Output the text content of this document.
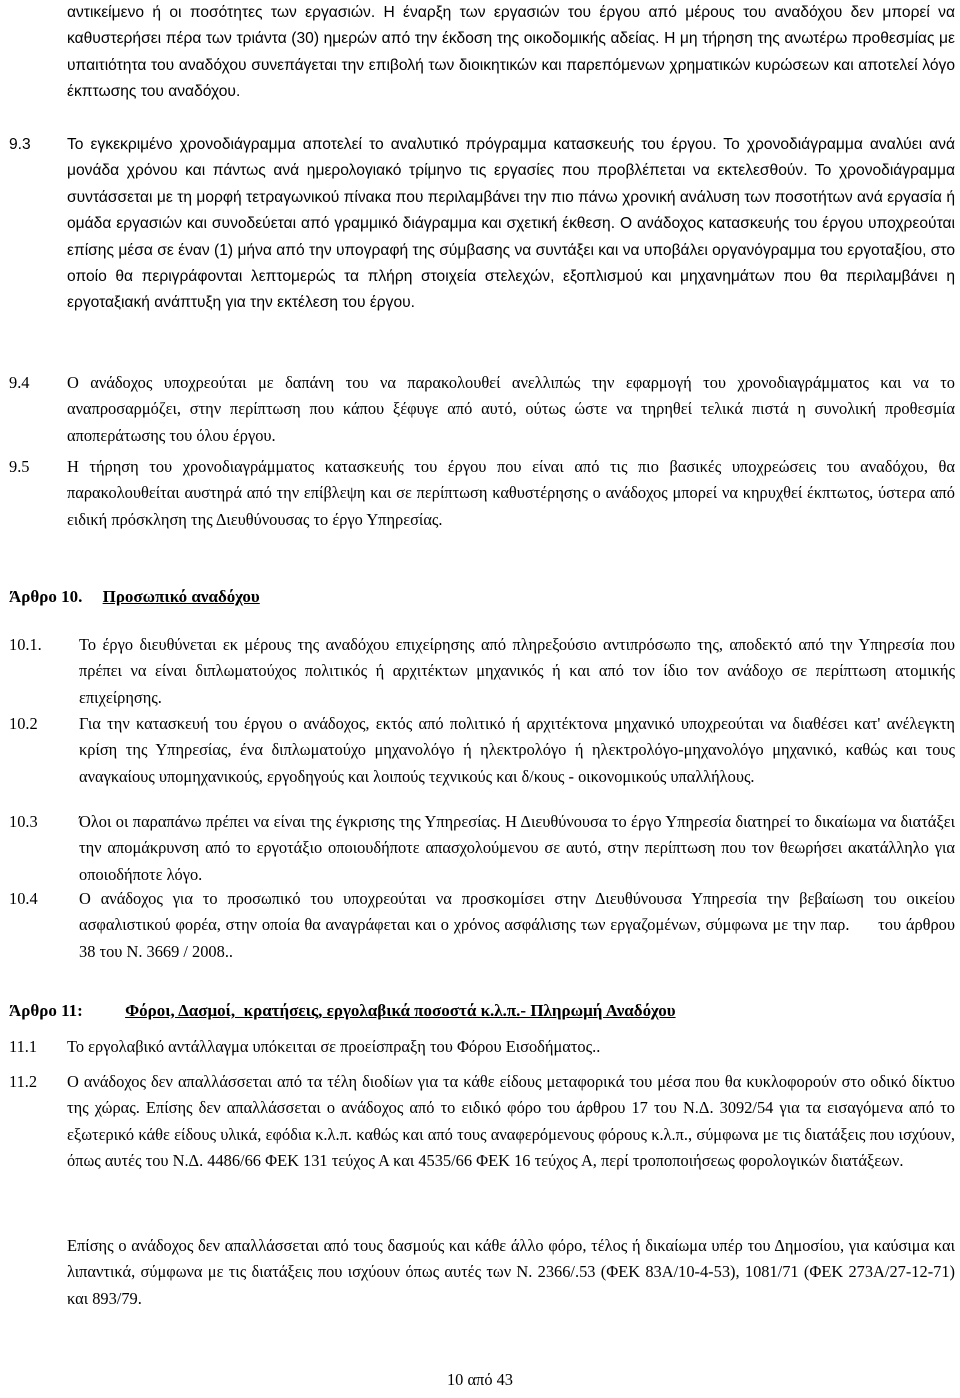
αντικείμενο ή οι ποσότητες των εργασιών. Η έναρξη των εργασιών του έργου από μέρους του αναδόχου δεν μπορεί να καθυστερήσει πέρα των τριάντα (30) ημερών από την έκδοση της οικοδομικής αδείας. Η μη τήρηση της ανωτέρω προθεσμίας με υπαιτιότητα του αναδόχου συνεπάγεται την επιβολή των διοικητικών και παρεπόμενων χρηματικών κυρώσεων και αποτελεί λόγο έκπτωσης του αναδόχου.
9.3	Το εγκεκριμένο χρονοδιάγραμμα αποτελεί το αναλυτικό πρόγραμμα κατασκευής του έργου. Το χρονοδιάγραμμα αναλύει ανά μονάδα χρόνου και πάντως ανά ημερολογιακό τρίμηνο τις εργασίες που προβλέπεται να εκτελεσθούν. Το χρονοδιάγραμμα συντάσσεται με τη μορφή τετραγωνικού πίνακα που περιλαμβάνει την πιο πάνω χρονική ανάλυση των ποσοτήτων ανά εργασία ή ομάδα εργασιών και συνοδεύεται από γραμμικό διάγραμμα και σχετική έκθεση. Ο ανάδοχος κατασκευής του έργου υποχρεούται επίσης μέσα σε έναν (1) μήνα από την υπογραφή της σύμβασης να συντάξει και να υποβάλει οργανόγραμμα του εργοταξίου, στο οποίο θα περιγράφονται λεπτομερώς τα πλήρη στοιχεία στελεχών, εξοπλισμού και μηχανημάτων που θα περιλαμβάνει η εργοταξιακή ανάπτυξη για την εκτέλεση του έργου.
9.4	Ο ανάδοχος υποχρεούται με δαπάνη του να παρακολουθεί ανελλιπώς την εφαρμογή του χρονοδιαγράμματος και να το αναπροσαρμόζει, στην περίπτωση που κάπου ξέφυγε από αυτό, ούτως ώστε να τηρηθεί τελικά πιστά η συνολική προθεσμία αποπεράτωσης του όλου έργου.
9.5	Η τήρηση του χρονοδιαγράμματος κατασκευής του έργου που είναι από τις πιο βασικές υποχρεώσεις του αναδόχου, θα παρακολουθείται αυστηρά από την επίβλεψη και σε περίπτωση καθυστέρησης ο ανάδοχος μπορεί να κηρυχθεί έκπτωτος, ύστερα από ειδική πρόσκληση της Διευθύνουσας το έργο Υπηρεσίας.
Άρθρο 10. Προσωπικό αναδόχου
10.1.	Το έργο διευθύνεται εκ μέρους της αναδόχου επιχείρησης από πληρεξούσιο αντιπρόσωπο της, αποδεκτό από την Υπηρεσία που πρέπει να είναι διπλωματούχος πολιτικός ή αρχιτέκτων μηχανικός ή και από τον ίδιο τον ανάδοχο σε περίπτωση ατομικής επιχείρησης.
10.2	Για την κατασκευή του έργου ο ανάδοχος, εκτός από πολιτικό ή αρχιτέκτονα μηχανικό υποχρεούται να διαθέσει κατ' ανέλεγκτη κρίση της Υπηρεσίας, ένα διπλωματούχο μηχανολόγο ή ηλεκτρολόγο ή ηλεκτρολόγο-μηχανολόγο μηχανικό, καθώς και τους αναγκαίους υπομηχανικούς, εργοδηγούς και λοιπούς τεχνικούς και δ/κους - οικονομικούς υπαλλήλους.
10.3	Όλοι οι παραπάνω πρέπει να είναι της έγκρισης της Υπηρεσίας. Η Διευθύνουσα το έργο Υπηρεσία διατηρεί το δικαίωμα να διατάξει την απομάκρυνση από το εργοτάξιο οποιουδήποτε απασχολούμενου σε αυτό, στην περίπτωση που τον θεωρήσει ακατάλληλο για οποιοδήποτε λόγο.
10.4	Ο ανάδοχος για το προσωπικό του υποχρεούται να προσκομίσει στην Διευθύνουσα Υπηρεσία την βεβαίωση του οικείου ασφαλιστικού φορέα, στην οποία θα αναγράφεται και ο χρόνος ασφάλισης των εργαζομένων, σύμφωνα με την παρ.      του άρθρου 38 του Ν. 3669 / 2008..
Άρθρο 11: Φόροι, Δασμοί,  κρατήσεις, εργολαβικά ποσοστά κ.λ.π.- Πληρωμή Αναδόχου
11.1	Το εργολαβικό αντάλλαγμα υπόκειται σε προείσπραξη του Φόρου Εισοδήματος..
11.2	Ο ανάδοχος δεν απαλλάσσεται από τα τέλη διοδίων για τα κάθε είδους μεταφορικά του μέσα που θα κυκλοφορούν στο οδικό δίκτυο της χώρας. Επίσης δεν απαλλάσσεται ο ανάδοχος από το ειδικό φόρο του άρθρου 17 του Ν.Δ. 3092/54 για τα εισαγόμενα από το εξωτερικό κάθε είδους υλικά, εφόδια κ.λ.π. καθώς και από τους αναφερόμενους φόρους κ.λ.π., σύμφωνα με τις διατάξεις που ισχύουν, όπως αυτές του Ν.Δ. 4486/66 ΦΕΚ 131 τεύχος Α και 4535/66 ΦΕΚ 16 τεύχος Α, περί τροποποιήσεως φορολογικών διατάξεων.
Επίσης ο ανάδοχος δεν απαλλάσσεται από τους δασμούς και κάθε άλλο φόρο, τέλος ή δικαίωμα υπέρ του Δημοσίου, για καύσιμα και λιπαντικά, σύμφωνα με τις διατάξεις που ισχύουν όπως αυτές των Ν. 2366/.53 (ΦΕΚ 83Α/10-4-53), 1081/71 (ΦΕΚ 273Α/27-12-71) και 893/79.
10 από 43
